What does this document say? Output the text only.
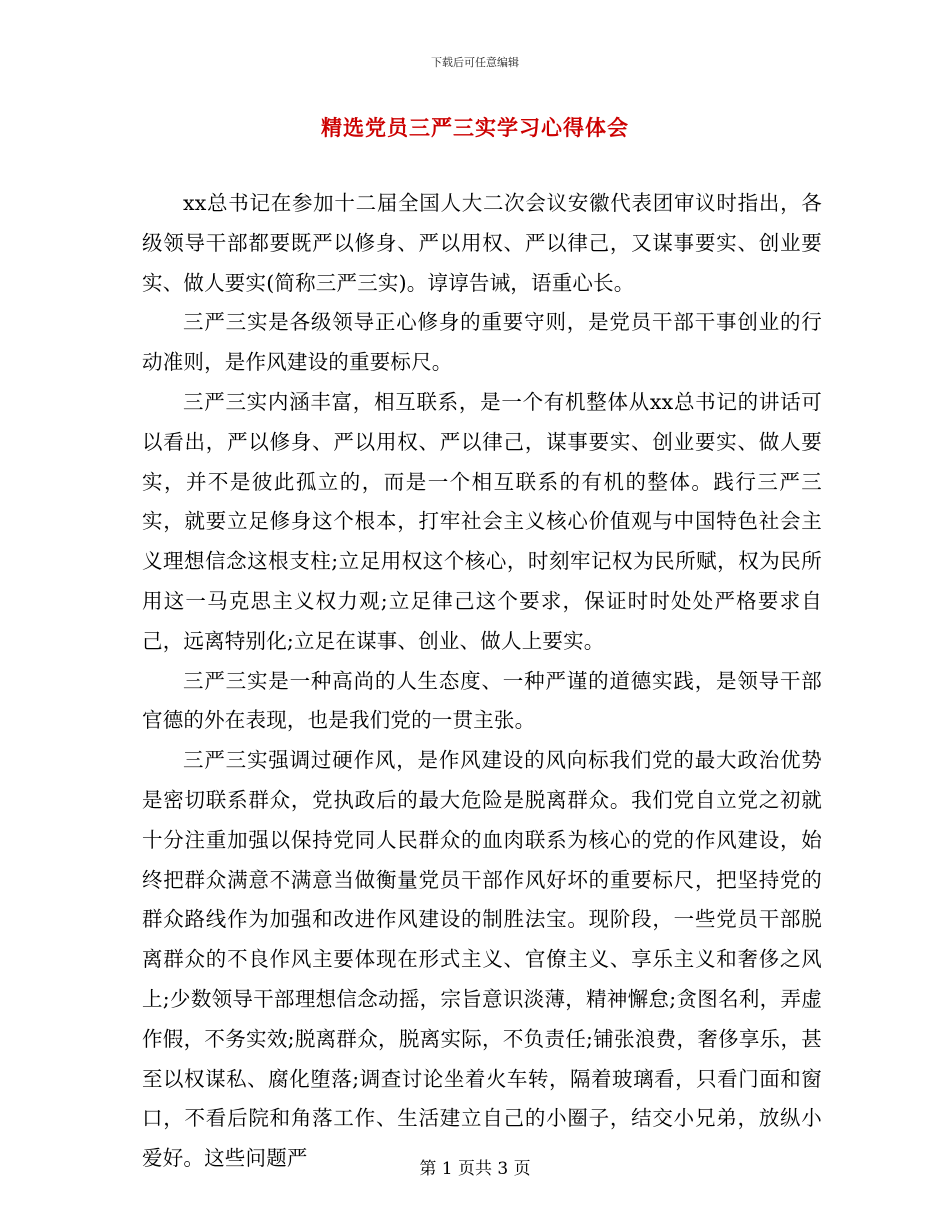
下载后可任意编辑
精选党员三严三实学习心得体会

xx总书记在参加十二届全国人大二次会议安徽代表团审议时指出，各级领导干部都要既严以修身、严以用权、严以律己，又谋事要实、创业要实、做人要实(简称三严三实)。谆谆告诫，语重心长。

三严三实是各级领导正心修身的重要守则，是党员干部干事创业的行动准则，是作风建设的重要标尺。

三严三实内涵丰富，相互联系，是一个有机整体从xx总书记的讲话可以看出，严以修身、严以用权、严以律己，谋事要实、创业要实、做人要实，并不是彼此孤立的，而是一个相互联系的有机的整体。践行三严三实，就要立足修身这个根本，打牢社会主义核心价值观与中国特色社会主义理想信念这根支柱;立足用权这个核心，时刻牢记权为民所赋，权为民所用这一马克思主义权力观;立足律己这个要求，保证时时处处严格要求自己，远离特别化;立足在谋事、创业、做人上要实。

三严三实是一种高尚的人生态度、一种严谨的道德实践，是领导干部官德的外在表现，也是我们党的一贯主张。

三严三实强调过硬作风，是作风建设的风向标我们党的最大政治优势是密切联系群众，党执政后的最大危险是脱离群众。我们党自立党之初就十分注重加强以保持党同人民群众的血肉联系为核心的党的作风建设，始终把群众满意不满意当做衡量党员干部作风好坏的重要标尺，把坚持党的群众路线作为加强和改进作风建设的制胜法宝。现阶段，一些党员干部脱离群众的不良作风主要体现在形式主义、官僚主义、享乐主义和奢侈之风上;少数领导干部理想信念动摇，宗旨意识淡薄，精神懈怠;贪图名利，弄虚作假，不务实效;脱离群众，脱离实际，不负责任;铺张浪费，奢侈享乐，甚至以权谋私、腐化堕落;调查讨论坐着火车转，隔着玻璃看，只看门面和窗口，不看后院和角落工作、生活建立自己的小圈子，结交小兄弟，放纵小爱好。这些问题严	第 1 页共 3 页
